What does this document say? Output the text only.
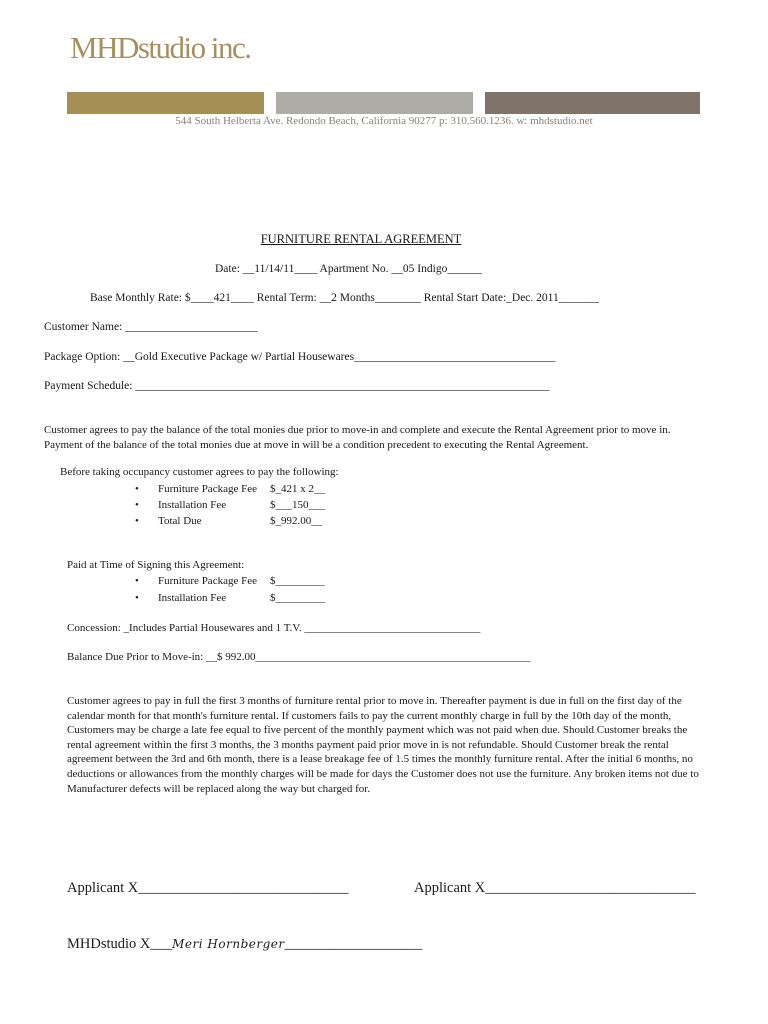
MHDstudio inc.
544 South Helberta Ave. Redondo Beach, California 90277 p: 310.560.1236. w: mhdstudio.net
FURNITURE RENTAL AGREEMENT
Date: __11/14/11____ Apartment No. __05 Indigo______
Base Monthly Rate: $____421____ Rental Term: __2 Months________ Rental Start Date:_Dec. 2011_______
Customer Name: _______________________
Package Option: __Gold Executive Package w/ Partial Housewares___________________________________
Payment Schedule: ________________________________________________________________________
Customer agrees to pay the balance of the total monies due prior to move-in and complete and execute the Rental Agreement prior to move in. Payment of the balance of the total monies due at move in will be a condition precedent to executing the Rental Agreement.
Before taking occupancy customer agrees to pay the following:
• Furniture Package Fee $_421 x 2__
• Installation Fee	$___150___
• Total Due	$_992.00__
Paid at Time of Signing this Agreement:
• Furniture Package Fee $_________
• Installation Fee	$_________
Concession: _Includes Partial Housewares and 1 T.V. ________________________________
Balance Due Prior to Move-in: __$ 992.00__________________________________________________
Customer agrees to pay in full the first 3 months of furniture rental prior to move in. Thereafter payment is due in full on the first day of the calendar month for that month's furniture rental. If customers fails to pay the current monthly charge in full by the 10th day of the month, Customers may be charge a late fee equal to five percent of the monthly payment which was not paid when due. Should Customer breaks the rental agreement within the first 3 months, the 3 months payment paid prior move in is not refundable. Should Customer break the rental agreement between the 3rd and 6th month, there is a lease breakage fee of 1.5 times the monthly furniture rental. After the initial 6 months, no deductions or allowances from the monthly charges will be made for days the Customer does not use the furniture. Any broken items not due to Manufacturer defects will be replaced along the way but charged for.
Applicant X_____________________________	Applicant X_____________________________
MHDstudio X___Meri Hornberger___________________
